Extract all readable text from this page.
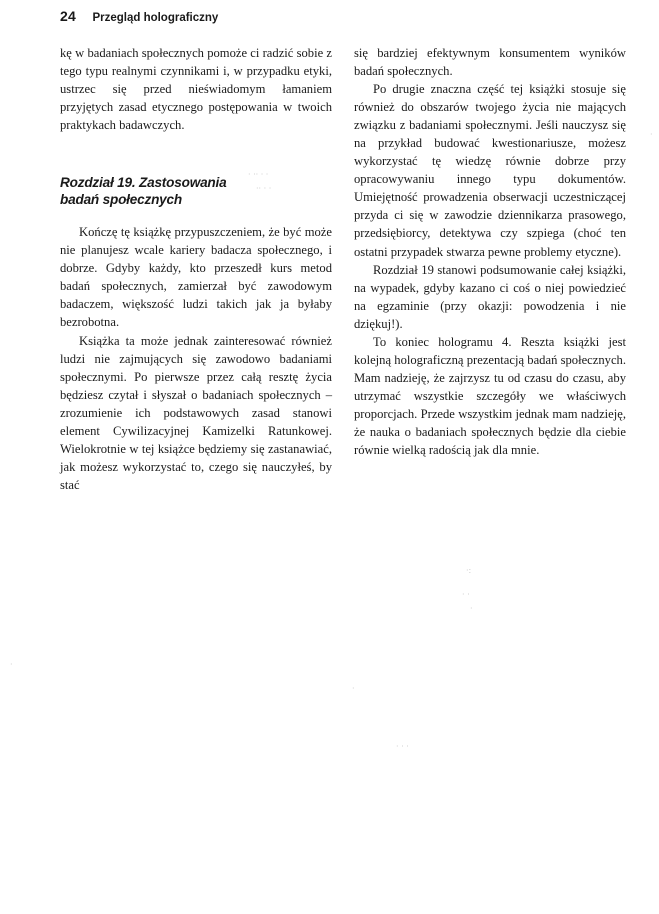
24 Przegląd holograficzny

kę w badaniach społecznych pomoże ci radzić sobie z tego typu realnymi czynnikami i, w przypadku etyki, ustrzec się przed nieświadomym łamaniem przyjętych zasad etycznego postępowania w twoich praktykach badawczych.

Rozdział 19. Zastosowania
badań społecznych

Kończę tę książkę przypuszczeniem, że być może nie planujesz wcale kariery badacza społecznego, i dobrze. Gdyby każdy, kto przeszedł kurs metod badań społecznych, zamierzał być zawodowym badaczem, większość ludzi takich jak ja byłaby bezrobotna.

Książka ta może jednak zainteresować również ludzi nie zajmujących się zawodowo badaniami społecznymi. Po pierwsze przez całą resztę życia będziesz czytał i słyszał o badaniach społecznych – zrozumienie ich podstawowych zasad stanowi element Cywilizacyjnej Kamizelki Ratunkowej. Wielokrotnie w tej książce będziemy się zastanawiać, jak możesz wykorzystać to, czego się nauczyłeś, by stać

się bardziej efektywnym konsumentem wyników badań społecznych.

Po drugie znaczna część tej książki stosuje się również do obszarów twojego życia nie mających związku z badaniami społecznymi. Jeśli nauczysz się na przykład budować kwestionariusze, możesz wykorzystać tę wiedzę równie dobrze przy opracowywaniu innego typu dokumentów. Umiejętność prowadzenia obserwacji uczestniczącej przyda ci się w zawodzie dziennikarza prasowego, przedsiębiorcy, detektywa czy szpiega (choć ten ostatni przypadek stwarza pewne problemy etyczne).

Rozdział 19 stanowi podsumowanie całej książki, na wypadek, gdyby kazano ci coś o niej powiedzieć na egzaminie (przy okazji: powodzenia i nie dziękuj!).

To koniec hologramu 4. Reszta książki jest kolejną holograficzną prezentacją badań społecznych. Mam nadzieję, że zajrzysz tu od czasu do czasu, aby utrzymać wszystkie szczegóły we właściwych proporcjach. Przede wszystkim jednak mam nadzieję, że nauka o badaniach społecznych będzie dla ciebie równie wielką radością jak dla mnie.

· ·· · ·
·· · ·
·:
· ·
·
·
· · ·
·
·
